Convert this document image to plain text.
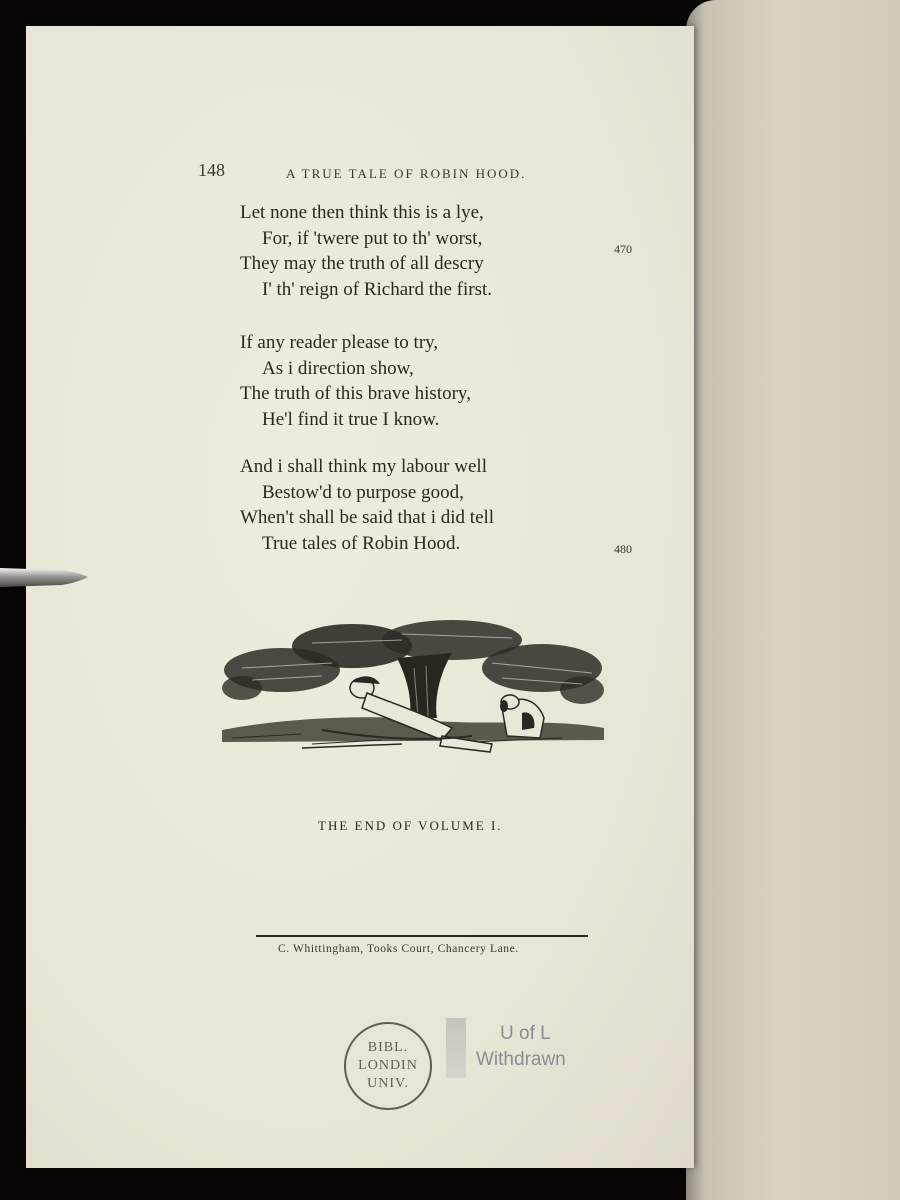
148	A TRUE TALE OF ROBIN HOOD.
Let none then think this is a lye,
For, if 'twere put to th' worst,
They may the truth of all descry
I' th' reign of Richard the first.
470
If any reader please to try,
As i direction show,
The truth of this brave history,
He'l find it true I know.
And i shall think my labour well
Bestow'd to purpose good,
When't shall be said that i did tell
True tales of Robin Hood.	480
THE END OF VOLUME I.
C. Whittingham, Tooks Court, Chancery Lane.
BIBL.
LONDIN
UNIV.
U of L
Withdrawn
